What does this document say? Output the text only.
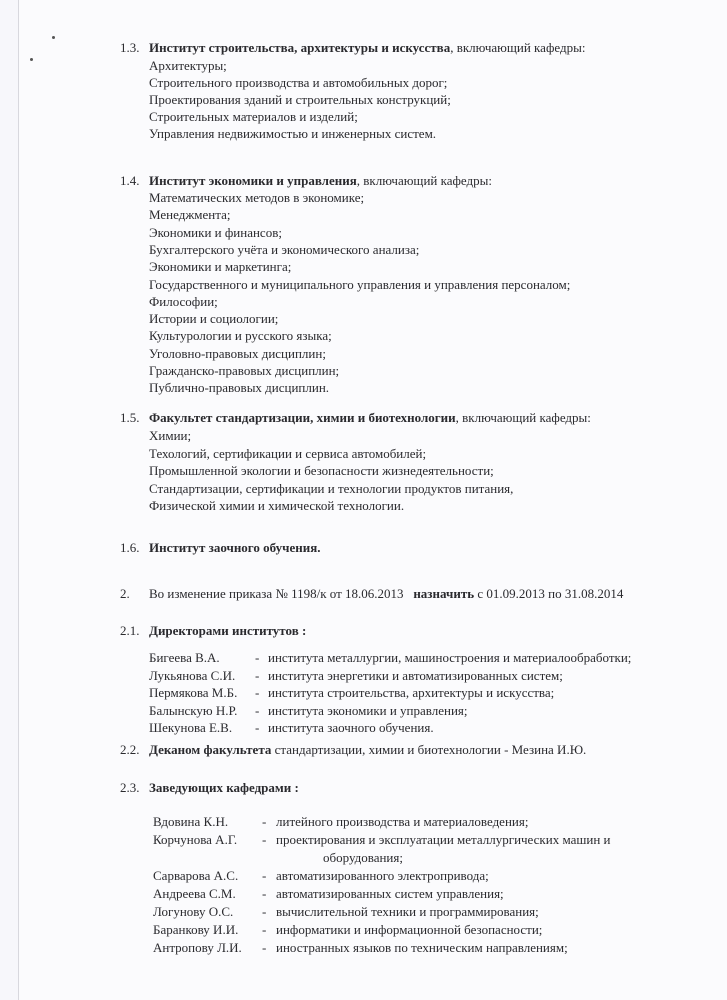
1.3. Институт строительства, архитектуры и искусства, включающий кафедры:
Архитектуры;
Строительного производства и автомобильных дорог;
Проектирования зданий и строительных конструкций;
Строительных материалов и изделий;
Управления недвижимостью и инженерных систем.
1.4. Институт экономики и управления, включающий кафедры:
Математических методов в экономике;
Менеджмента;
Экономики и финансов;
Бухгалтерского учёта и экономического анализа;
Экономики и маркетинга;
Государственного и муниципального управления и управления персоналом;
Философии;
Истории и социологии;
Культурологии и русского языка;
Уголовно-правовых дисциплин;
Гражданско-правовых дисциплин;
Публично-правовых дисциплин.
1.5. Факультет стандартизации, химии и биотехнологии, включающий кафедры:
Химии;
Техологий, сертификации и сервиса автомобилей;
Промышленной экологии и безопасности жизнедеятельности;
Стандартизации, сертификации и технологии продуктов питания,
Физической химии и химической технологии.
1.6. Институт заочного обучения.
2. Во изменение приказа № 1198/к от 18.06.2013 назначить с 01.09.2013 по 31.08.2014
2.1. Директорами институтов :
Бигеева В.А.	- института металлургии, машиностроения и материалообработки;
Лукьянова С.И. - института энергетики и автоматизированных систем;
Пермякова М.Б. - института строительства, архитектуры и искусства;
Балынскую Н.Р. - института экономики и управления;
Шекунова Е.В. - института заочного обучения.
2.2. Деканом факультета стандартизации, химии и биотехнологии - Мезина И.Ю.
2.3. Заведующих кафедрами :
Вдовина К.Н.	- литейного производства и материаловедения;
Корчунова А.Г. - проектирования и эксплуатации металлургических машин и
оборудования;
Сарварова А.С. - автоматизированного электропривода;
Андреева С.М. - автоматизированных систем управления;
Логунову О.С. - вычислительной техники и программирования;
Баранкову И.И. - информатики и информационной безопасности;
Антропову Л.И. - иностранных языков по техническим направлениям;
